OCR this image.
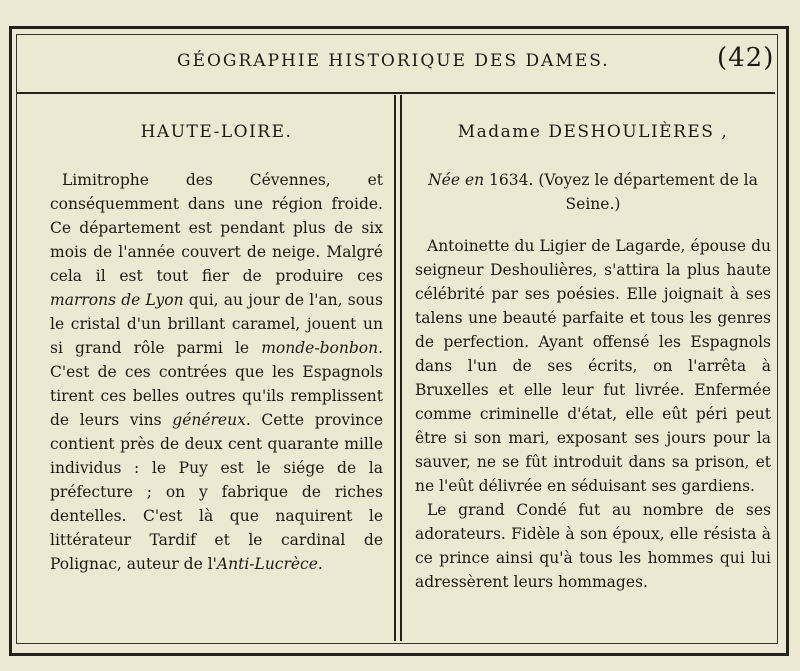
GÉOGRAPHIE HISTORIQUE DES DAMES.	(42)
HAUTE-LOIRE.

Limitrophe des Cévennes, et conséquemment dans une région froide. Ce département est pendant plus de six mois de l'année couvert de neige. Malgré cela il est tout fier de produire ces marrons de Lyon qui, au jour de l'an, sous le cristal d'un brillant caramel, jouent un si grand rôle parmi le monde-bonbon. C'est de ces contrées que les Espagnols tirent ces belles outres qu'ils remplissent de leurs vins généreux. Cette province contient près de deux cent quarante mille individus : le Puy est le siége de la préfecture ; on y fabrique de riches dentelles. C'est là que naquirent le littérateur Tardif et le cardinal de Polignac, auteur de l'Anti-Lucrèce.

Madame DESHOULIÈRES ,

Née en 1634. (Voyez le département de la Seine.)

Antoinette du Ligier de Lagarde, épouse du seigneur Deshoulières, s'attira la plus haute célébrité par ses poésies. Elle joignait à ses talens une beauté parfaite et tous les genres de perfection. Ayant offensé les Espagnols dans l'un de ses écrits, on l'arrêta à Bruxelles et elle leur fut livrée. Enfermée comme criminelle d'état, elle eût péri peut être si son mari, exposant ses jours pour la sauver, ne se fût introduit dans sa prison, et ne l'eût délivrée en séduisant ses gardiens.

Le grand Condé fut au nombre de ses adorateurs. Fidèle à son époux, elle résista à ce prince ainsi qu'à tous les hommes qui lui adressèrent leurs hommages.
